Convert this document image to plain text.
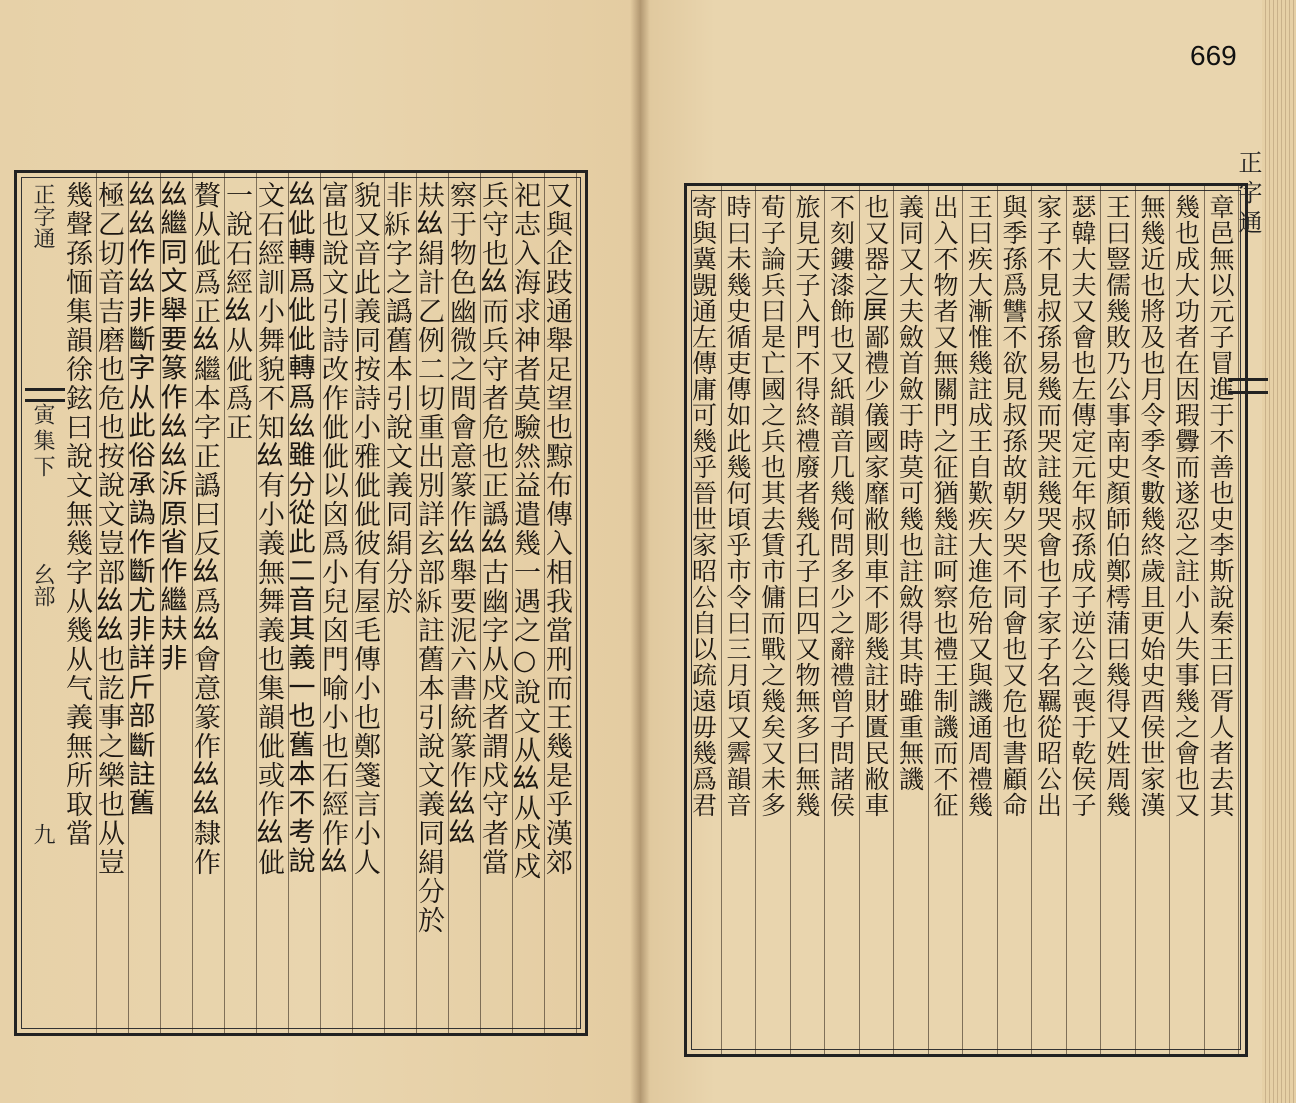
669
正字通
寅集下
幺部
九	又與企跂通舉足望也黥布傳入相我當刑而王幾是乎漢郊
祀志入海求神者莫驗然益遣幾一遇之○說文从𢆶从戍戍
兵守也𢆶而兵守者危也正譌𢆶古幽字从戍者謂戍守者當
察于物色幽微之間會意篆作𢆶舉要泥六書統篆作𢆶𢆶
㚘𢆶絹計乙例二切重出別詳玄部𥿊註舊本引說文義同絹分於
非𥿊字之譌舊本引說文義同絹分於
貌又音此義同按詩小雅佌佌彼有屋毛傳小也鄭箋言小人
富也說文引詩改作佌佌以囟爲小兒囟門喻小也石經作𢆶
𢆶佌轉爲佌佌轉爲𢆶雖分從此二音其義一也舊本不考說
文石經訓小舞貌不知𢆶有小義無舞義也集韻佌或作𢆶佌
一說石經𢆶从佌爲正
贅从佌爲正𢆶繼本字正譌曰反𢆶爲𢆶會意篆作𢆶𢆶隸作
𢆶繼同文舉要篆作𢆶𢆶泝原省作繼㚘非
𢆶𢆶作𢆶非斷字从此俗承譌作斷尤非詳斤部斷註舊
極乙切音吉磨也危也按說文豈部𢆶𢆶也訖事之樂也从豈
幾聲孫愐集韻徐鉉曰說文無幾字从幾从气義無所取當	章邑無以元子冒進于不善也史李斯說秦王曰胥人者去其
幾也成大功者在因瑕釁而遂忍之註小人失事幾之會也又
無幾近也將及也月令季冬數幾終歲且更始史酉侯世家漢
王曰豎儒幾敗乃公事南史顏師伯鄭樗蒲曰幾得又姓周幾
瑟韓大夫又會也左傳定元年叔孫成子逆公之喪于乾侯子
家子不見叔孫易幾而哭註幾哭會也子家子名羈從昭公出
與季孫爲讐不欲見叔孫故朝夕哭不同會也又危也書顧命
王曰疾大漸惟幾註成王自歎疾大進危殆又與譏通周禮幾
出入不物者又無關門之征猶幾註呵察也禮王制譏而不征
義同又大夫斂首斂于時莫可幾也註斂得其時雖重無譏
也又器之𡱒鄙禮少儀國家靡敝則車不彫幾註財匱民敝車
不刻鏤漆飾也又紙韻音几幾何問多少之辭禮曾子問諸侯
旅見天子入門不得終禮廢者幾孔子曰四又物無多曰無幾
荀子論兵曰是亡國之兵也其去賃市傭而戰之幾矣又未多
時曰未幾史循吏傳如此幾何頃乎市令曰三月頃又霽韻音
寄與冀覬通左傳庸可幾乎晉世家昭公自以疏遠毋幾爲君	正字通
